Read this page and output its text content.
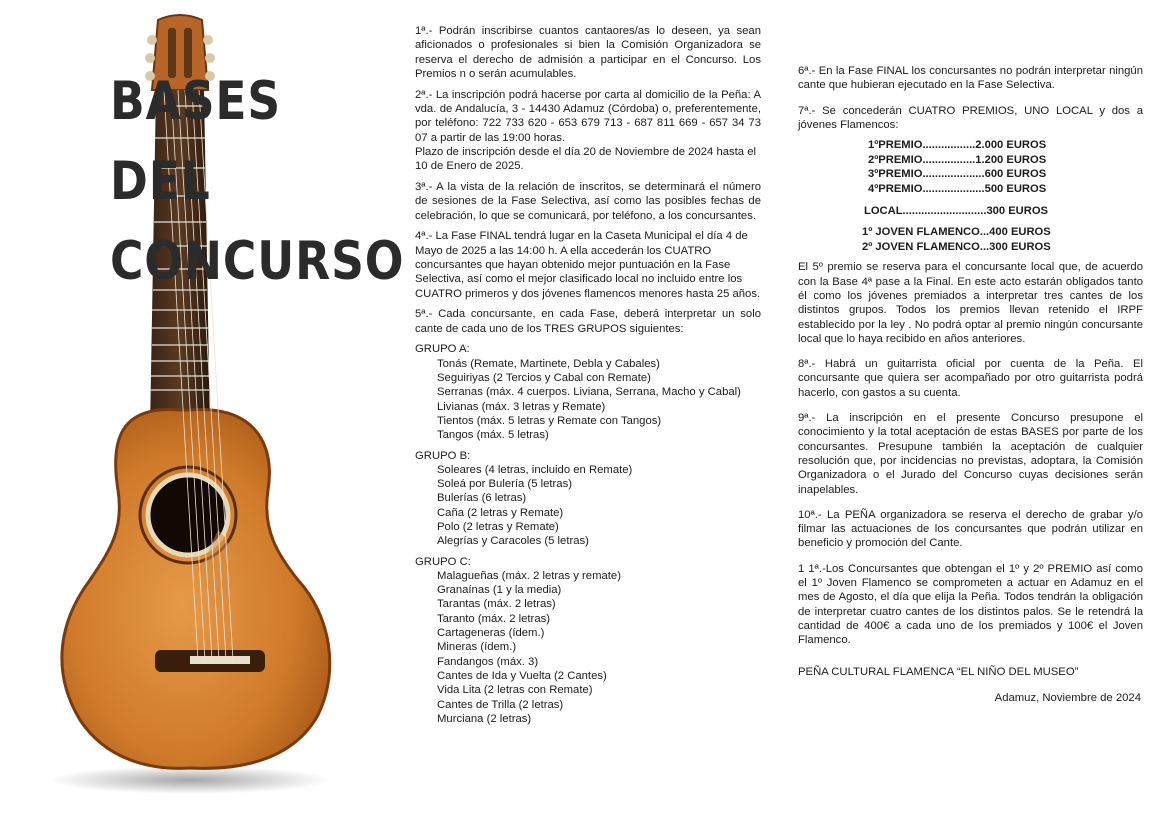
BASES
DEL
CONCURSO

1ª.- Podrán inscribirse cuantos cantaores/as lo deseen, ya sean aficionados o profesionales si bien la Comisión Organizadora se reserva el derecho de admisión a participar en el Concurso. Los Premios n o serán acumulables.

2ª.- La inscripción podrá hacerse por carta al domicilio de la Peña: A vda. de Andalucía, 3 - 14430 Adamuz (Córdoba) o, preferentemente, por teléfono: 722 733 620 - 653 679 713 - 687 811 669 - 657 34 73 07 a partir de las 19:00 horas.

Plazo de inscripción desde el día 20 de Noviembre de 2024 hasta el 10 de Enero de 2025.

3ª.- A la vista de la relación de inscritos, se determinará el número de sesiones de la Fase Selectiva, así como las posibles fechas de celebración, lo que se comunicará, por teléfono, a los concursantes.

4ª.- La Fase FINAL tendrá lugar en la Caseta Municipal el día 4 de Mayo de 2025 a las 14:00 h. A ella accederán los CUATRO concursantes que hayan obtenido mejor puntuación en la Fase Selectiva, así como el mejor clasificado local no incluido entre los CUATRO primeros y dos jóvenes flamencos menores hasta 25 años.

5ª.- Cada concursante, en cada Fase, deberá interpretar un solo cante de cada uno de los TRES GRUPOS siguientes:

GRUPO A:

Tonás (Remate, Martinete, Debla y Cabales)

Seguiriyas (2 Tercios y Cabal con Remate)

Serranas (máx. 4 cuerpos. Liviana, Serrana, Macho y Cabal)

Livianas (máx. 3 letras y Remate)

Tientos (máx. 5 letras y Remate con Tangos)

Tangos (máx. 5 letras)

GRUPO B:

Soleares (4 letras, incluido en Remate)

Soleá por Bulería (5 letras)

Bulerías (6 letras)

Caña (2 letras y Remate)

Polo (2 letras y Remate)

Alegrías y Caracoles (5 letras)

GRUPO C:

Malagueñas (máx. 2 letras y remate)

Granaínas (1 y la media)

Tarantas (máx. 2 letras)

Taranto (máx. 2 letras)

Cartageneras (ídem.)

Mineras (ídem.)

Fandangos (máx. 3)

Cantes de Ida y Vuelta (2 Cantes)

Vida Lita (2 letras con Remate)

Cantes de Trilla (2 letras)

Murciana (2 letras)

6ª.- En la Fase FINAL los concursantes no podrán interpretar ningún cante que hubieran ejecutado en la Fase Selectiva.

7ª.- Se concederán CUATRO PREMIOS, UNO LOCAL y dos a jóvenes Flamencos:

1ºPREMIO.................2.000 EUROS
2ºPREMIO.................1.200 EUROS
3ºPREMIO....................600 EUROS
4ºPREMIO....................500 EUROS
LOCAL...........................300 EUROS
1º JOVEN FLAMENCO...400 EUROS
2º JOVEN FLAMENCO...300 EUROS

El 5º premio se reserva para el concursante local que, de acuerdo con la Base 4ª pase a la Final. En este acto estarán obligados tanto él como los jóvenes premiados a interpretar tres cantes de los distintos grupos. Todos los premios llevan retenido el IRPF establecido por la ley . No podrá optar al premio ningún concursante local que lo haya recibido en años anteriores.

8ª.- Habrá un guitarrista oficial por cuenta de la Peña. El concursante que quiera ser acompañado por otro guitarrista podrá hacerlo, con gastos a su cuenta.

9ª.- La inscripción en el presente Concurso presupone el conocimiento y la total aceptación de estas BASES por parte de los concursantes. Presupune también la aceptación de cualquier resolución que, por incidencias no previstas, adoptara, la Comisión Organizadora o el Jurado del Concurso cuyas decisiones serán inapelables.

10ª.- La PEÑA organizadora se reserva el derecho de grabar y/o filmar las actuaciones de los concursantes que podrán utilizar en beneficio y promoción del Cante.

1 1ª.-Los Concursantes que obtengan el 1º y 2º PREMIO así como el 1º Joven Flamenco se comprometen a actuar en Adamuz en el mes de Agosto, el día que elija la Peña. Todos tendrán la obligación de interpretar cuatro cantes de los distintos palos. Se le retendrá la cantidad de 400€ a cada uno de los premiados y 100€ el Joven Flamenco.

PEÑA CULTURAL FLAMENCA “EL NIÑO DEL MUSEO”

Adamuz, Noviembre de 2024
